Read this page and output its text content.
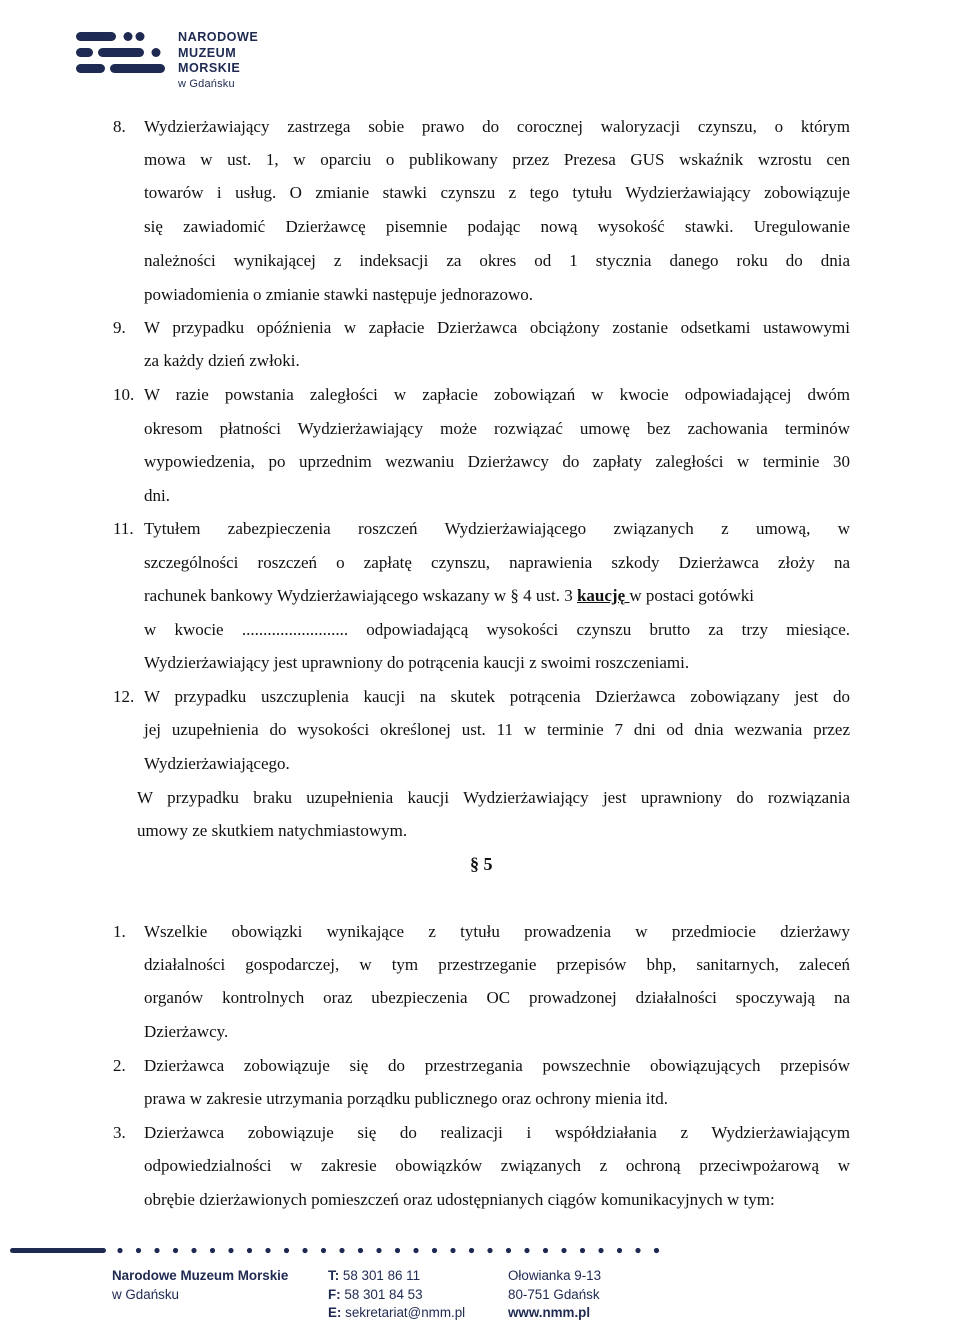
NARODOWE
MUZEUM
MORSKIE
w Gdańsku
8. Wydzierżawiający zastrzega sobie prawo do corocznej waloryzacji czynszu, o którym
mowa w ust. 1, w oparciu o publikowany przez Prezesa GUS wskaźnik wzrostu cen
towarów i usług. O zmianie stawki czynszu z tego tytułu Wydzierżawiający zobowiązuje
się zawiadomić Dzierżawcę pisemnie podając nową wysokość stawki. Uregulowanie
należności wynikającej z indeksacji za okres od 1 stycznia danego roku do dnia
powiadomienia o zmianie stawki następuje jednorazowo.
9. W przypadku opóźnienia w zapłacie Dzierżawca obciążony zostanie odsetkami ustawowymi
za każdy dzień zwłoki.
10. W razie powstania zaległości w zapłacie zobowiązań w kwocie odpowiadającej dwóm
okresom płatności Wydzierżawiający może rozwiązać umowę bez zachowania terminów
wypowiedzenia, po uprzednim wezwaniu Dzierżawcy do zapłaty zaległości w terminie 30
dni.
11. Tytułem zabezpieczenia roszczeń Wydzierżawiającego związanych z umową, w
szczególności roszczeń o zapłatę czynszu, naprawienia szkody Dzierżawca złoży na
rachunek bankowy Wydzierżawiającego wskazany w § 4 ust. 3 kaucję w postaci gotówki
w kwocie ......................... odpowiadającą wysokości czynszu brutto za trzy miesiące.
Wydzierżawiający jest uprawniony do potrącenia kaucji z swoimi roszczeniami.
12. W przypadku uszczuplenia kaucji na skutek potrącenia Dzierżawca zobowiązany jest do
jej uzupełnienia do wysokości określonej ust. 11 w terminie 7 dni od dnia wezwania przez
Wydzierżawiającego.
W przypadku braku uzupełnienia kaucji Wydzierżawiający jest uprawniony do rozwiązania
umowy ze skutkiem natychmiastowym.
§ 5
1. Wszelkie obowiązki wynikające z tytułu prowadzenia w przedmiocie dzierżawy
działalności gospodarczej, w tym przestrzeganie przepisów bhp, sanitarnych, zaleceń
organów kontrolnych oraz ubezpieczenia OC prowadzonej działalności spoczywają na
Dzierżawcy.
2. Dzierżawca zobowiązuje się do przestrzegania powszechnie obowiązujących przepisów
prawa w zakresie utrzymania porządku publicznego oraz ochrony mienia itd.
3. Dzierżawca zobowiązuje się do realizacji i współdziałania z Wydzierżawiającym
odpowiedzialności w zakresie obowiązków związanych z ochroną przeciwpożarową w
obrębie dzierżawionych pomieszczeń oraz udostępnianych ciągów komunikacyjnych w tym:
Narodowe Muzeum Morskie
w Gdańsku
T: 58 301 86 11
F: 58 301 84 53
E: sekretariat@nmm.pl
Ołowianka 9-13
80-751 Gdańsk
www.nmm.pl
